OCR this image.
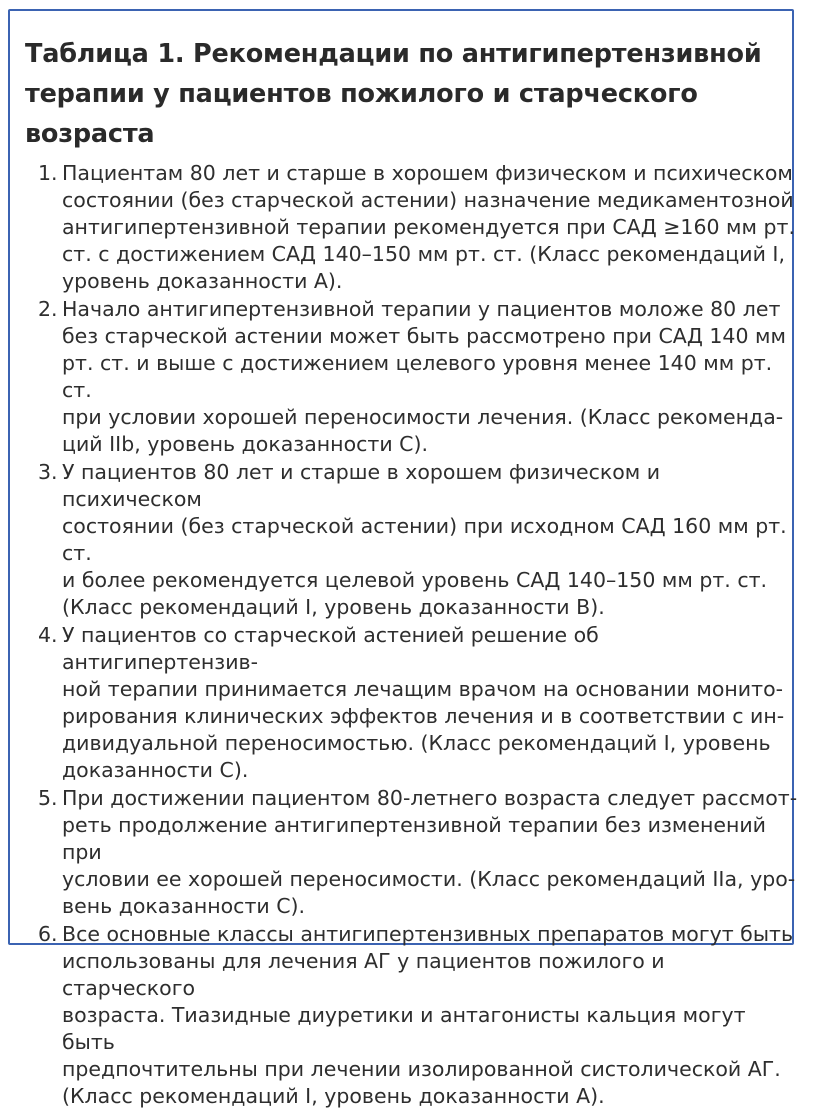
Таблица 1. Рекомендации по антигипертензивной
терапии у пациентов пожилого и старческого
возраста
1. Пациентам 80 лет и старше в хорошем физическом и психическом
состоянии (без старческой астении) назначение медикаментозной
антигипертензивной терапии рекомендуется при САД ≥160 мм рт.
ст. с достижением САД 140–150 мм рт. ст. (Класс рекомендаций I,
уровень доказанности А).
2. Начало антигипертензивной терапии у пациентов моложе 80 лет
без старческой астении может быть рассмотрено при САД 140 мм
рт. ст. и выше с достижением целевого уровня менее 140 мм рт. ст.
при условии хорошей переносимости лечения. (Класс рекоменда-
ций IIb, уровень доказанности С).
3. У пациентов 80 лет и старше в хорошем физическом и психическом
состоянии (без старческой астении) при исходном САД 160 мм рт. ст.
и более рекомендуется целевой уровень САД 140–150 мм рт. ст.
(Класс рекомендаций I, уровень доказанности В).
4. У пациентов со старческой астенией решение об антигипертензив-
ной терапии принимается лечащим врачом на основании монито-
рирования клинических эффектов лечения и в соответствии с ин-
дивидуальной переносимостью. (Класс рекомендаций I, уровень
доказанности С).
5. При достижении пациентом 80-летнего возраста следует рассмот-
реть продолжение антигипертензивной терапии без изменений при
условии ее хорошей переносимости. (Класс рекомендаций IIa, уро-
вень доказанности С).
6. Все основные классы антигипертензивных препаратов могут быть
использованы для лечения АГ у пациентов пожилого и старческого
возраста. Тиазидные диуретики и антагонисты кальция могут быть
предпочтительны при лечении изолированной систолической АГ.
(Класс рекомендаций I, уровень доказанности А).
